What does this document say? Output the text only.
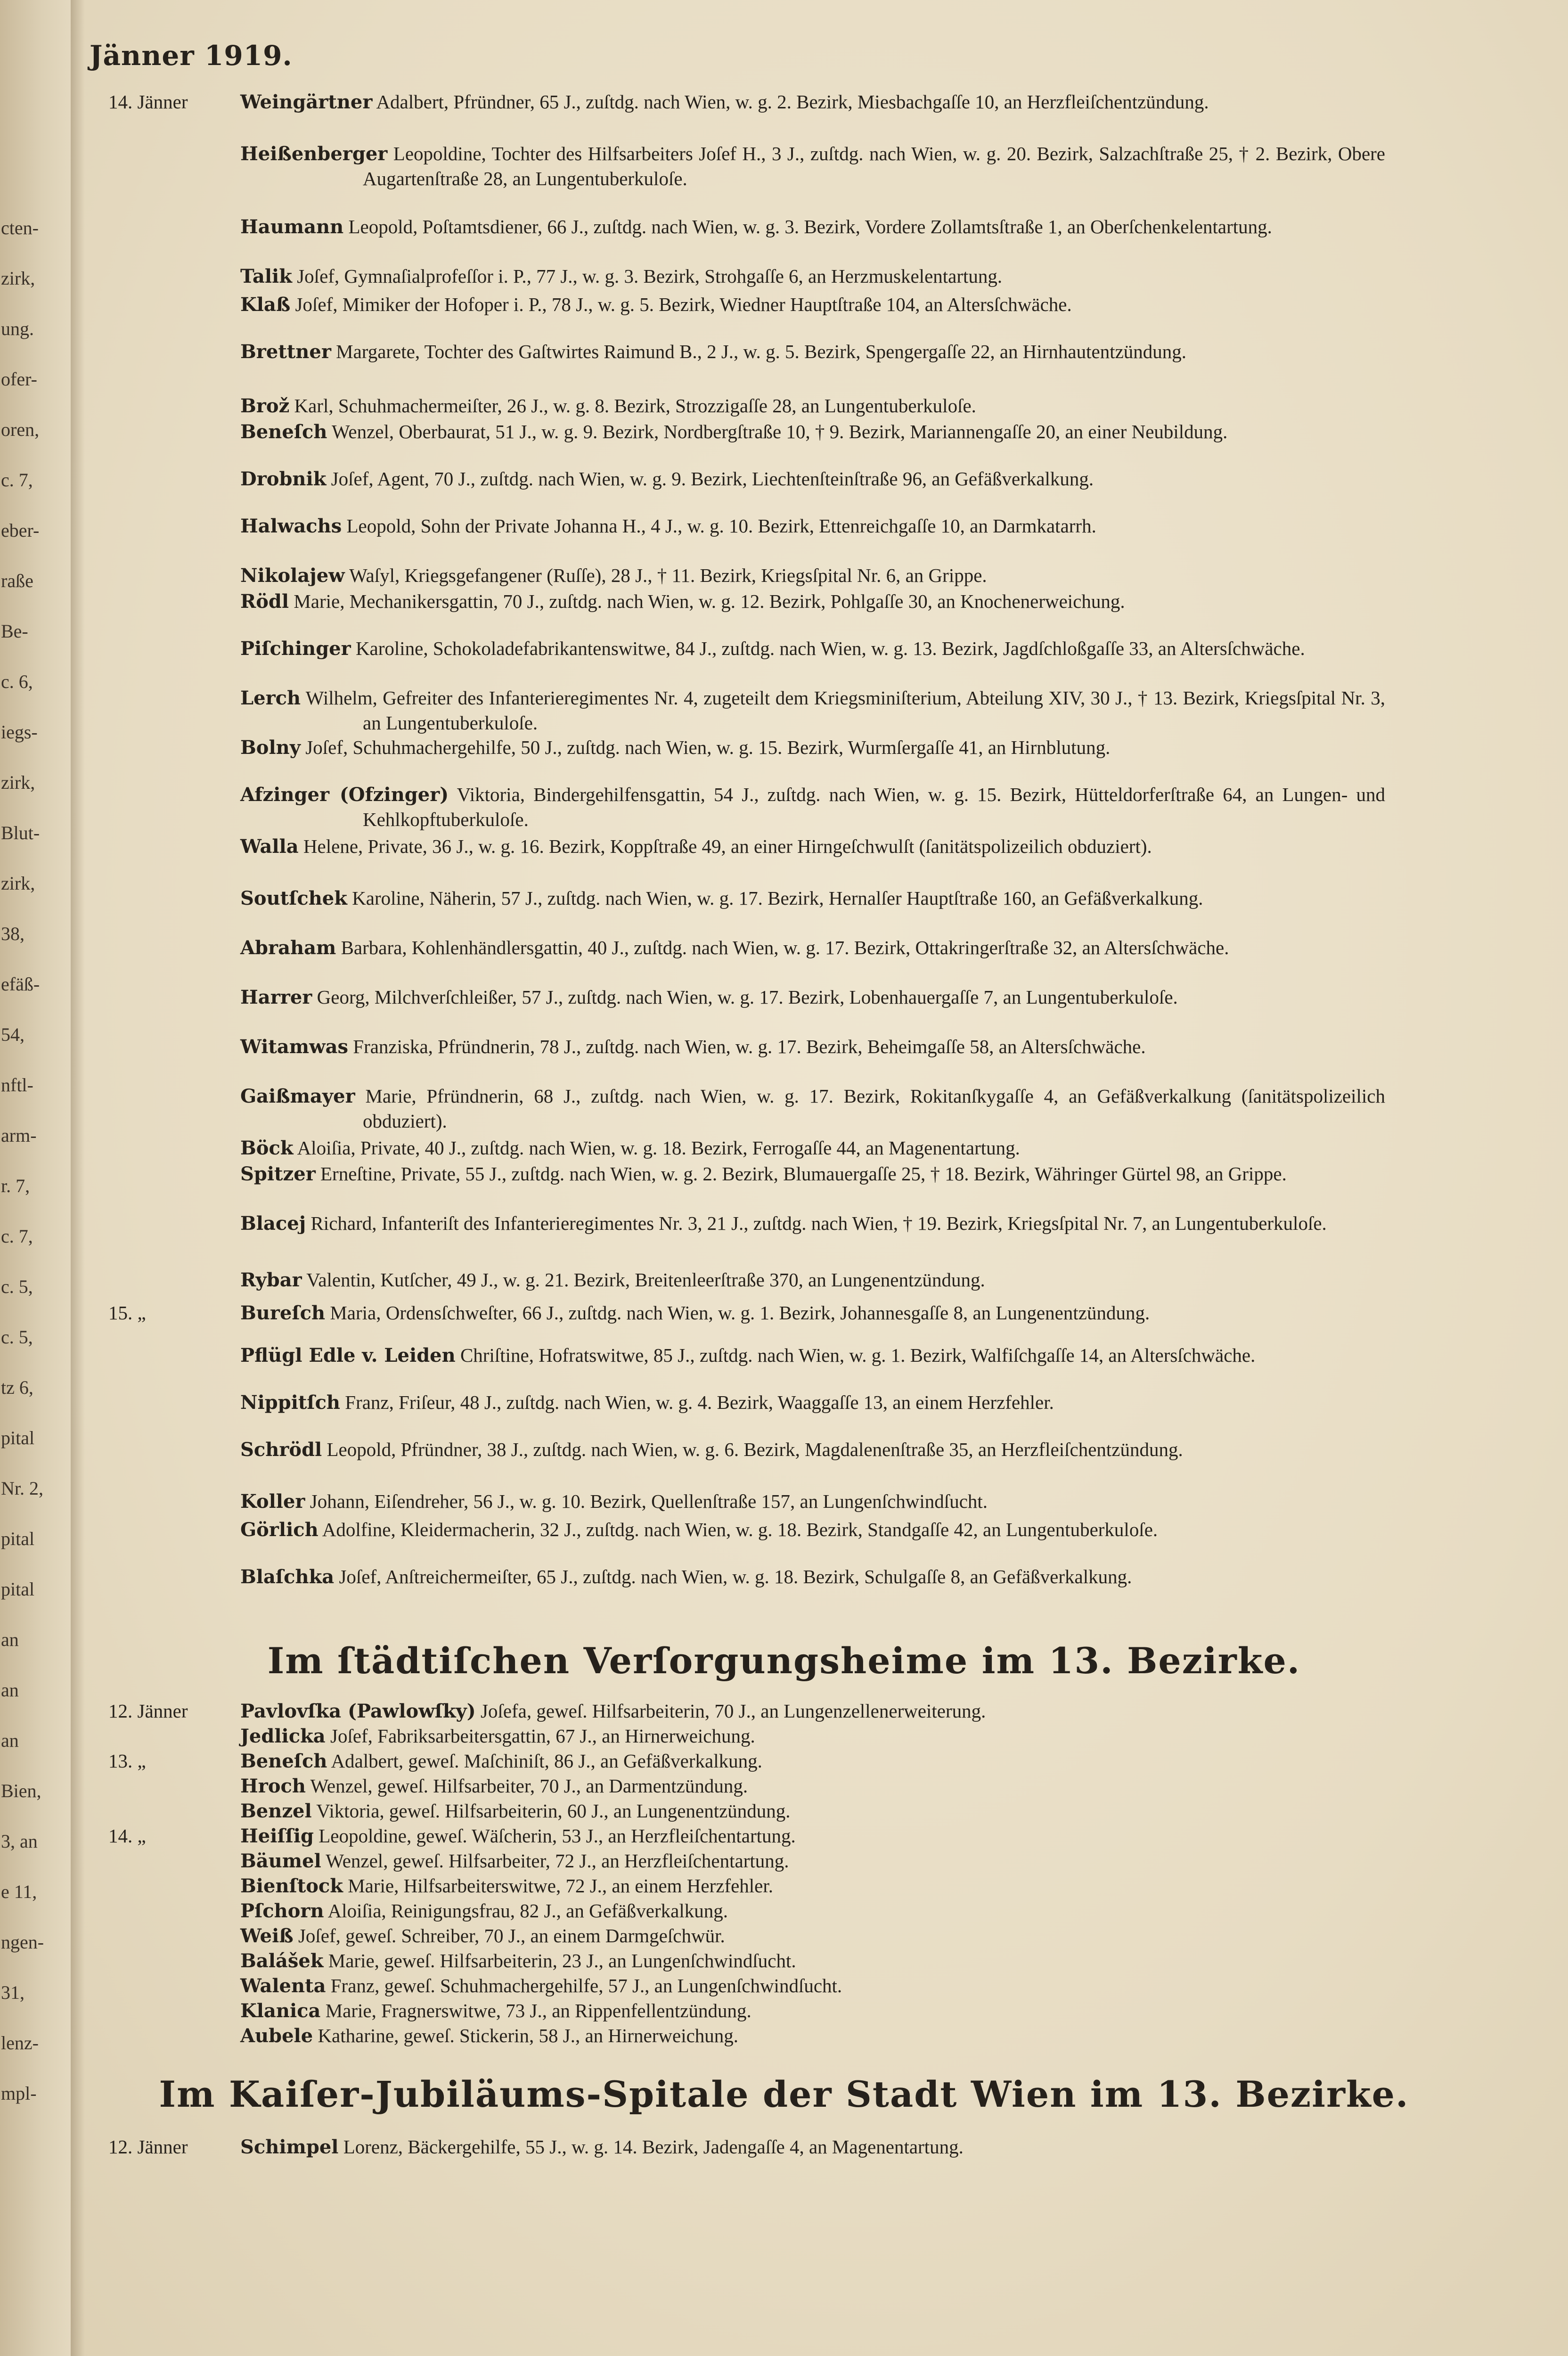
cten-
zirk,
ung.
ofer-
oren,
c. 7,
eber-
raße
Be-
c. 6,
iegs-
zirk,
Blut-
zirk,
38,
efäß-
54,
nftl-
arm-
r. 7,
c. 7,
c. 5,
c. 5,
tz 6,
pital
Nr. 2,
pital
pital
an
an
an
Bien,
3, an
e 11,
ngen-
31,
lenz-
mpl-
Jänner 1919.
14. Jänner	Weingärtner Adalbert, Pfründner, 65 J., zuſtdg. nach Wien, w. g. 2. Bezirk, Miesbachgaſſe 10, an Herzfleiſchentzündung.
Heißenberger Leopoldine, Tochter des Hilfsarbeiters Joſef H., 3 J., zuſtdg. nach Wien, w. g. 20. Bezirk, Salzachſtraße 25, † 2. Bezirk, Obere Augartenſtraße 28, an Lungentuberkuloſe.
Haumann Leopold, Poſtamtsdiener, 66 J., zuſtdg. nach Wien, w. g. 3. Bezirk, Vordere Zollamtsſtraße 1, an Oberſchenkelentartung.
Talik Joſef, Gymnaſialprofeſſor i. P., 77 J., w. g. 3. Bezirk, Strohgaſſe 6, an Herzmuskelentartung.
Klaß Joſef, Mimiker der Hofoper i. P., 78 J., w. g. 5. Bezirk, Wiedner Hauptſtraße 104, an Altersſchwäche.
Brettner Margarete, Tochter des Gaſtwirtes Raimund B., 2 J., w. g. 5. Bezirk, Spengergaſſe 22, an Hirnhautentzündung.
Brož Karl, Schuhmachermeiſter, 26 J., w. g. 8. Bezirk, Strozzigaſſe 28, an Lungentuberkuloſe.
Beneſch Wenzel, Oberbaurat, 51 J., w. g. 9. Bezirk, Nordbergſtraße 10, † 9. Bezirk, Mariannengaſſe 20, an einer Neubildung.
Drobnik Joſef, Agent, 70 J., zuſtdg. nach Wien, w. g. 9. Bezirk, Liechtenſteinſtraße 96, an Gefäßverkalkung.
Halwachs Leopold, Sohn der Private Johanna H., 4 J., w. g. 10. Bezirk, Ettenreichgaſſe 10, an Darmkatarrh.
Nikolajew Waſyl, Kriegsgefangener (Ruſſe), 28 J., † 11. Bezirk, Kriegsſpital Nr. 6, an Grippe.
Rödl Marie, Mechanikersgattin, 70 J., zuſtdg. nach Wien, w. g. 12. Bezirk, Pohlgaſſe 30, an Knochenerweichung.
Piſchinger Karoline, Schokoladefabrikantenswitwe, 84 J., zuſtdg. nach Wien, w. g. 13. Bezirk, Jagdſchloßgaſſe 33, an Altersſchwäche.
Lerch Wilhelm, Gefreiter des Infanterieregimentes Nr. 4, zugeteilt dem Kriegsminiſterium, Abteilung XIV, 30 J., † 13. Bezirk, Kriegsſpital Nr. 3, an Lungentuberkuloſe.
Bolny Joſef, Schuhmachergehilfe, 50 J., zuſtdg. nach Wien, w. g. 15. Bezirk, Wurmſergaſſe 41, an Hirnblutung.
Afzinger (Ofzinger) Viktoria, Bindergehilfensgattin, 54 J., zuſtdg. nach Wien, w. g. 15. Bezirk, Hütteldorferſtraße 64, an Lungen- und Kehlkopftuberkuloſe.
Walla Helene, Private, 36 J., w. g. 16. Bezirk, Koppſtraße 49, an einer Hirngeſchwulſt (ſanitätspolizeilich obduziert).
Soutſchek Karoline, Näherin, 57 J., zuſtdg. nach Wien, w. g. 17. Bezirk, Hernalſer Hauptſtraße 160, an Gefäßverkalkung.
Abraham Barbara, Kohlenhändlersgattin, 40 J., zuſtdg. nach Wien, w. g. 17. Bezirk, Ottakringerſtraße 32, an Altersſchwäche.
Harrer Georg, Milchverſchleißer, 57 J., zuſtdg. nach Wien, w. g. 17. Bezirk, Lobenhauergaſſe 7, an Lungentuberkuloſe.
Witamwas Franziska, Pfründnerin, 78 J., zuſtdg. nach Wien, w. g. 17. Bezirk, Beheimgaſſe 58, an Altersſchwäche.
Gaißmayer Marie, Pfründnerin, 68 J., zuſtdg. nach Wien, w. g. 17. Bezirk, Rokitanſkygaſſe 4, an Gefäßverkalkung (ſanitätspolizeilich obduziert).
Böck Aloiſia, Private, 40 J., zuſtdg. nach Wien, w. g. 18. Bezirk, Ferrogaſſe 44, an Magenentartung.
Spitzer Erneſtine, Private, 55 J., zuſtdg. nach Wien, w. g. 2. Bezirk, Blumauergaſſe 25, † 18. Bezirk, Währinger Gürtel 98, an Grippe.
Blacej Richard, Infanteriſt des Infanterieregimentes Nr. 3, 21 J., zuſtdg. nach Wien, † 19. Bezirk, Kriegsſpital Nr. 7, an Lungentuberkuloſe.
Rybar Valentin, Kutſcher, 49 J., w. g. 21. Bezirk, Breitenleerſtraße 370, an Lungenentzündung.
15. „	Bureſch Maria, Ordensſchweſter, 66 J., zuſtdg. nach Wien, w. g. 1. Bezirk, Johannesgaſſe 8, an Lungenentzündung.
Pflügl Edle v. Leiden Chriſtine, Hofratswitwe, 85 J., zuſtdg. nach Wien, w. g. 1. Bezirk, Walfiſchgaſſe 14, an Altersſchwäche.
Nippitſch Franz, Friſeur, 48 J., zuſtdg. nach Wien, w. g. 4. Bezirk, Waaggaſſe 13, an einem Herzfehler.
Schrödl Leopold, Pfründner, 38 J., zuſtdg. nach Wien, w. g. 6. Bezirk, Magdalenenſtraße 35, an Herzfleiſchentzündung.
Koller Johann, Eiſendreher, 56 J., w. g. 10. Bezirk, Quellenſtraße 157, an Lungenſchwindſucht.
Görlich Adolfine, Kleidermacherin, 32 J., zuſtdg. nach Wien, w. g. 18. Bezirk, Standgaſſe 42, an Lungentuberkuloſe.
Blaſchka Joſef, Anſtreichermeiſter, 65 J., zuſtdg. nach Wien, w. g. 18. Bezirk, Schulgaſſe 8, an Gefäßverkalkung.
Im ſtädtiſchen Verſorgungsheime im 13. Bezirke.
12. Jänner	Pavlovſka (Pawlowſky) Joſefa, geweſ. Hilfsarbeiterin, 70 J., an Lungenzellenerweiterung.
Jedlicka Joſef, Fabriksarbeitersgattin, 67 J., an Hirnerweichung.
13. „	Beneſch Adalbert, geweſ. Maſchiniſt, 86 J., an Gefäßverkalkung.
Hroch Wenzel, geweſ. Hilfsarbeiter, 70 J., an Darmentzündung.
Benzel Viktoria, geweſ. Hilfsarbeiterin, 60 J., an Lungenentzündung.
14. „	Heiſſig Leopoldine, geweſ. Wäſcherin, 53 J., an Herzfleiſchentartung.
Bäumel Wenzel, geweſ. Hilfsarbeiter, 72 J., an Herzfleiſchentartung.
Bienſtock Marie, Hilfsarbeiterswitwe, 72 J., an einem Herzfehler.
Pſchorn Aloiſia, Reinigungsfrau, 82 J., an Gefäßverkalkung.
Weiß Joſef, geweſ. Schreiber, 70 J., an einem Darmgeſchwür.
Balášek Marie, geweſ. Hilfsarbeiterin, 23 J., an Lungenſchwindſucht.
Walenta Franz, geweſ. Schuhmachergehilfe, 57 J., an Lungenſchwindſucht.
Klanica Marie, Fragnerswitwe, 73 J., an Rippenfellentzündung.
Aubele Katharine, geweſ. Stickerin, 58 J., an Hirnerweichung.
Im Kaiſer-Jubiläums-Spitale der Stadt Wien im 13. Bezirke.
12. Jänner	Schimpel Lorenz, Bäckergehilfe, 55 J., w. g. 14. Bezirk, Jadengaſſe 4, an Magenentartung.
